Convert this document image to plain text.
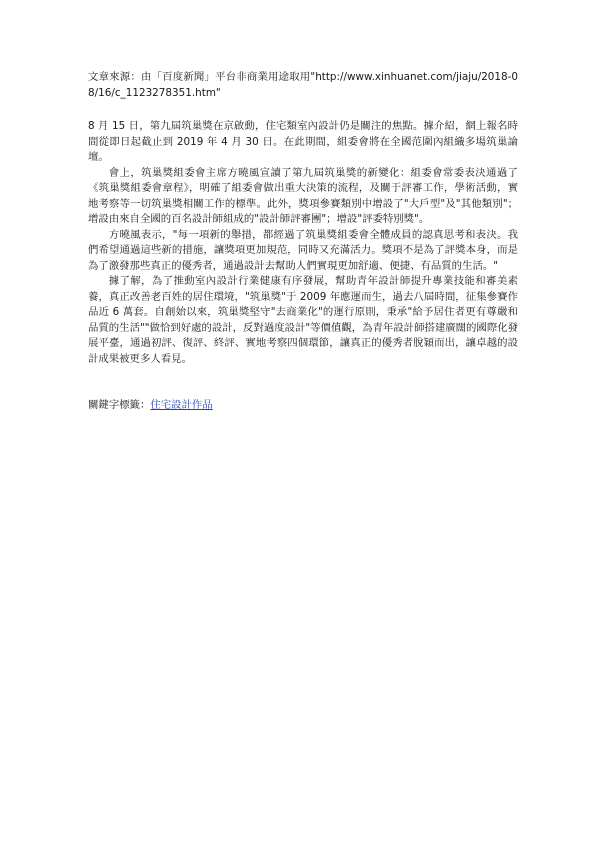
文章來源：由「百度新聞」平台非商業用途取用"http://www.xinhuanet.com/jiaju/2018-08/16/c_1123278351.htm"

8 月 15 日，第九屆筑巢獎在京啟動，住宅類室內設計仍是關注的焦點。據介紹，網上報名時間從即日起截止到 2019 年 4 月 30 日。在此期間，組委會將在全國范圍內組織多場筑巢論壇。

會上，筑巢獎組委會主席方曉風宣讀了第九屆筑巢獎的新變化：組委會常委表決通過了《筑巢獎組委會章程》，明確了組委會做出重大決策的流程，及關于評審工作，學術活動，實地考察等一切筑巢獎相關工作的標準。此外，獎項參賽類別中增設了"大戶型"及"其他類別"；增設由來自全國的百名設計師組成的"設計師評審團"；增設"評委特別獎"。

方曉風表示，"每一項新的舉措，都經過了筑巢獎組委會全體成員的認真思考和表決。我們希望通過這些新的措施，讓獎項更加規范，同時又充滿活力。獎項不是為了評獎本身，而是為了激發那些真正的優秀者，通過設計去幫助人們實現更加舒適、便捷、有品質的生活。"

據了解，為了推動室內設計行業健康有序發展，幫助青年設計師提升專業技能和審美素養，真正改善老百姓的居住環境，"筑巢獎"于 2009 年應運而生，過去八屆時間，征集參賽作品近 6 萬套。自創始以來，筑巢獎堅守"去商業化"的運行原則，秉承"給予居住者更有尊嚴和品質的生活""做恰到好處的設計，反對過度設計"等價值觀，為青年設計師搭建廣闊的國際化發展平臺，通過初評、復評、終評、實地考察四個環節，讓真正的優秀者脫穎而出，讓卓越的設計成果被更多人看見。

關鍵字標籤：住宅設計作品
